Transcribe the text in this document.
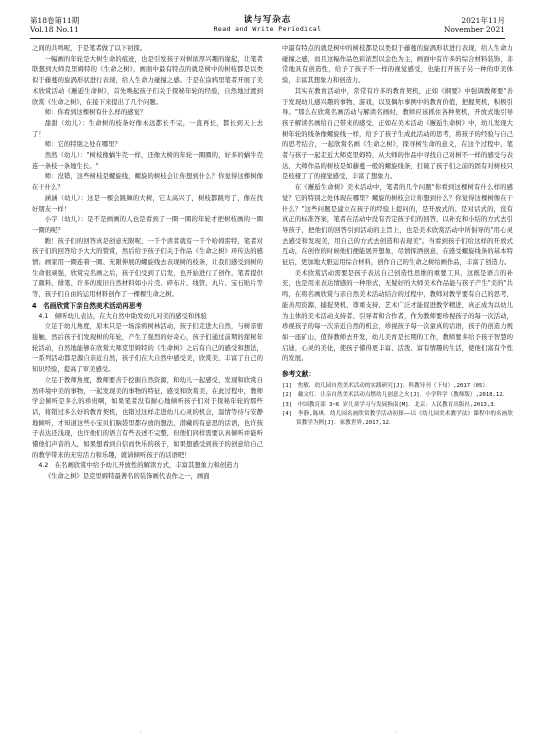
第18卷第11期
Vol.18 No.11
读与写杂志
Read and Write Periodical
2021年11月
November 2021

之间的共鸣呢，于是笔者做了以下初探。

一幅画的年轮是大树生命的痕迹，也是引发孩子对树浓厚兴趣的缘起，让笔者联想到大师克里姆特的《生命之树》，画面中最有特点的就是树中的树枝都是以类似于藤蔓的旋涡形状进行表现，给人生命力碰撞之感。于是在涂鸦里笔者开展了美术欣赏活动《邂逅生命树》，首先唤起孩子们关于探秘年轮的经验，自然地过渡到欣赏《生命之树》，在接下来提出了几个问题。

师：你看到这棵树有什么样的感觉？

甜甜（幼儿）：生命树的枝条好像永远都长不完，一直再长，都长到天上去了！

师：它的特别之处在哪里？

然然（幼儿）："树枝像蜗牛壳一样，还像大树的年轮一圈圈的，好多的蜗牛壳连一条枝一条地生长。"

师：没错，这些树枝是螺旋线，螺旋的树枝会让你想到什么？你觉得这棵树像在干什么？

涵涵（幼儿）：这是一棵会跳舞的大树，它太高兴了，树枝都跳弯了，像在找好朋友一样！

小宇（幼儿）：是不是画画的人也是看到了一圈一圈的年轮才把树枝画的一圈一圈的呢？

瞧！孩子们的回答真是创意无限呢，一千个读者就有一千个哈姆雷特，笔者对孩子们的回答给予大大的赞赏，然后给予孩子们关于作品《生命之树》环传达的感情；画家用一圈连着一圈、无限伸展的螺旋线去表现树的枝条，让我们感受到树的生命很顽强，欣赏完名画之后，孩子们受到了启发，也开始进行了创作，笔者提供了颜料、排笔、许多的废旧自然材料如小片壳、碎布片、线管、丸片、宝石贴片等等，孩子们自由的运用材料创作了一棵棵生命之树。

4　名画欣赏下亲自然美术活动再思考
4.1　倾听幼儿表达，在大自然中助发幼儿对美的感受和体验

立足于幼儿角度，原本只是一场涂鸦树林活动，孩子们走进大自然，与树亲密接触，然后孩子们发现树的年轮，产生了强烈的好奇心，孩子们通过前期的探秘年轮活动，自然地能够在欣赏大师克里姆特的《生命树》之后有自己的感受和想法，一系列活动都是源自亲近自然，孩子们在大自然中感受美，欣赏美，丰富了自己的知识经验，提高了审美感受。

立足于教师角度，教师要善于挖掘自然资源，和幼儿一起感受、发现和欣赏自然环境中美的事物，一起发现美的事物的特征，感受和欣赏美，在此过程中，教师学会倾听是多么的珍贵啊，如果笔者没有耐心地倾听孩子们对于探秘年轮的那些话，将错过多么好的教育契机，也错过这样走进幼儿心灵的机会，温情等待与安静地倾听，才知道这些小宝贝们脑袋里都存放的想法，潜藏的有意思的话语，也许孩子表达还浅现，也许他们的语言有些表述不完整，但他们同样需要认真倾听并能听懂他们声音的人，如果想看到自信而快乐的孩子，如果想感受到孩子的创意给自己的教学带来的无穷活力和乐趣，就请倾听孩子的话语吧！

4.2　在名画欣赏中给予幼儿开放性的解读方式，丰富其想象力和创造力

《生命之树》是克里姆特最著名的装饰画代表作之一，画面

中最有特点的就是树中的树枝都是以类似于藤蔓的旋涡形状进行表现，给人生命力碰撞之感，而且这幅作品色彩浓烈以金色为主，画面中有许多的综合材料装饰，非常地具有创造性，给予了孩子不一样的视觉感受，也能打开孩子另一种的审美体验，丰富其想象力和创造力。

其实在教育活动中，常常有许多的教育契机，正如《纲要》中强调教师要"善于发现幼儿感兴趣的事物、游戏，以及偶尔事例中的教育价值，把握契机，积极引导。"那么在欣赏名画活动与解读名画时，教师应该抓住各种契机，开放式地引导孩子解读名画给自己带来的感受，正如在美术活动《邂逅生命树》中，幼儿发现大树年轮的线条像螺旋线一样，给予了孩子生成此活动的思考，将孩子的经验与自己的思考结合，一起欣赏名画《生命之树》，探寻树生命的意义，在这个过程中，笔者与孩子一起走近大师克里姆特，从大师的作品中寻找自己对树不一样的感受与表达，大师作品的树枝是如藤蔓一般的螺旋线条，打破了孩子们之前的固有对树枝只是枝桠了了的视觉感受，丰富了想象力。

在《邂逅生命树》美术活动中，笔者的几个问题"你看到这棵树有什么样的感觉？它的特别之处体现在哪里？螺旋的树枝会让你想到什么？你觉得这棵树像在干什么？"这些问题是建立在孩子的经验上提问的，是开放式的、是对话式的，没有真正的标准答案，笔者在活动中没有否定孩子们的回答，以补充和小结的方式去引导孩子，把他们的回答引到活动的主旨上，也是美术欣赏活动中所倡导的"用心灵去感受和发现美，用自己的方式去创造和表现美"。当看到孩子们给这样的开放式互动，在创作的时候他们便能展开想象，尽情挥洒创意，在感受螺旋线条的基本特征后，更加地大胆运用综合材料，创作自己的生命之树给画作品，丰富了创造力。

美术欣赏活动需要是孩子表达自己创造性思维的重要工具，这既是语言的补充，也是用来表达情感的一种形式，无疑好的大师美术作品能与孩子产生"美的"共鸣，在将名画欣赏与亲自然美术活动结合的过程中，教师对教学要有自己的思考，能善用资源、捕捉契机、尊重支持、艺术广泛才能促进教学精进，真正成为以幼儿为主体的美术活动支持者、引导者和合作者，作为教师要珍视孩子的每一次活动，珍视孩子的每一次亲近自然的机会，珍视孩子每一次童真的话语，孩子的创造力规如一座矿山，值得教师去开发，幼儿美育是长期的工作，教师要多给予孩子智慧的启迪，心灵的美化，使孩子懂得更丰富、活泼、富有情趣的生活，使他们富有个性的发展。

参考文献：

[1]　焦敏．幼儿园自然美术活动的实践研究[J]．科教导刊（下旬）,2017（05）．

[2]　戴文红．让亲自然美术活动点燃幼儿创意之火[J]．小学科学（教师版）,2018,12．

[3]　中国教育部 3~6 岁儿童学习与发展指南[M]．北京：人民教育出版社,2013,3．

[4]　李静,陈琪．幼儿园名画欣赏教学活动初探——以《幼儿园美术教学法》课程中的名画欣赏教学为例[J]．家教世界,2017,12．

·	·
